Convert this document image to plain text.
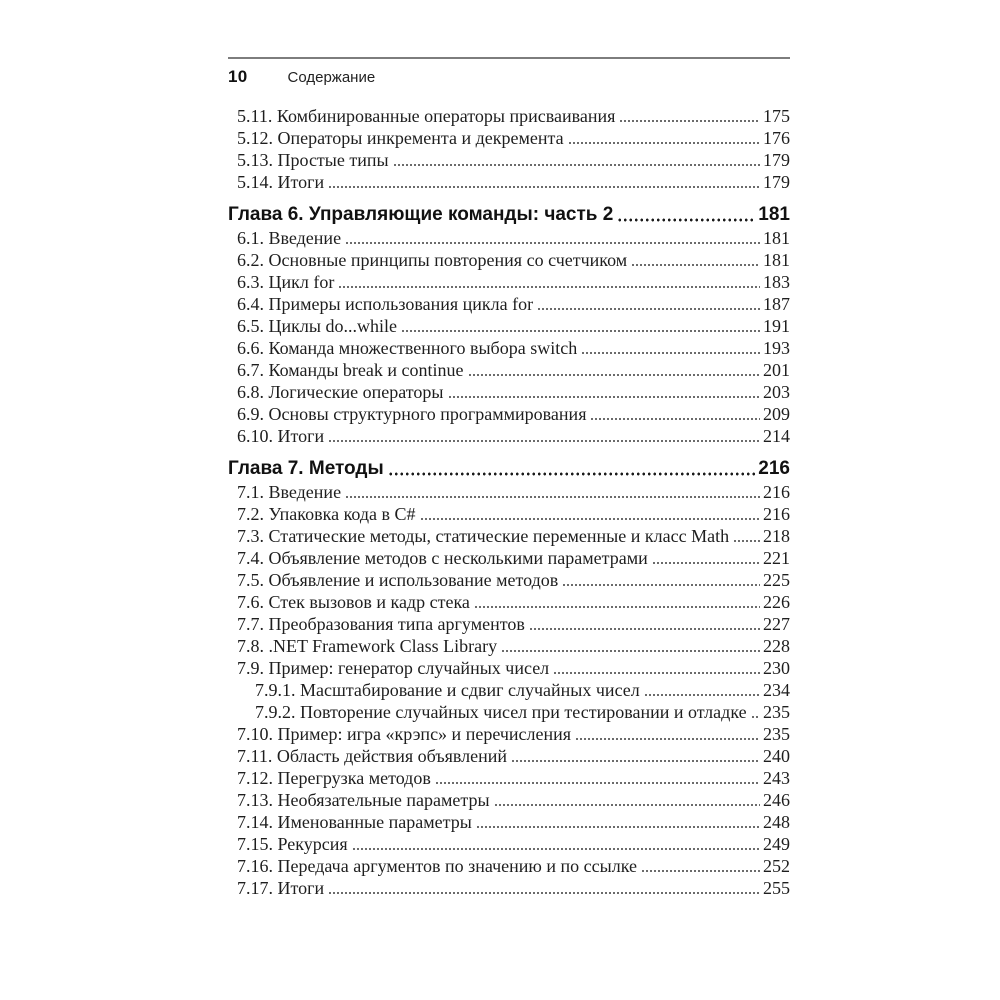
10	Содержание
5.11. Комбинированные операторы присваивания	175
5.12. Операторы инкремента и декремента	176
5.13. Простые типы	179
5.14. Итоги	179
Глава 6. Управляющие команды: часть 2	181
6.1. Введение	181
6.2. Основные принципы повторения со счетчиком	181
6.3. Цикл for	183
6.4. Примеры использования цикла for	187
6.5. Циклы do...while	191
6.6. Команда множественного выбора switch	193
6.7. Команды break и continue	201
6.8. Логические операторы	203
6.9. Основы структурного программирования	209
6.10. Итоги	214
Глава 7. Методы	216
7.1. Введение	216
7.2. Упаковка кода в C#	216
7.3. Статические методы, статические переменные и класс Math 218
7.4. Объявление методов с несколькими параметрами	221
7.5. Объявление и использование методов	225
7.6. Стек вызовов и кадр стека	226
7.7. Преобразования типа аргументов	227
7.8. .NET Framework Class Library	228
7.9. Пример: генератор случайных чисел	230
7.9.1. Масштабирование и сдвиг случайных чисел	234
7.9.2. Повторение случайных чисел при тестировании и отладке 235
7.10. Пример: игра «крэпс» и перечисления	235
7.11. Область действия объявлений	240
7.12. Перегрузка методов	243
7.13. Необязательные параметры	246
7.14. Именованные параметры	248
7.15. Рекурсия	249
7.16. Передача аргументов по значению и по ссылке	252
7.17. Итоги	255
